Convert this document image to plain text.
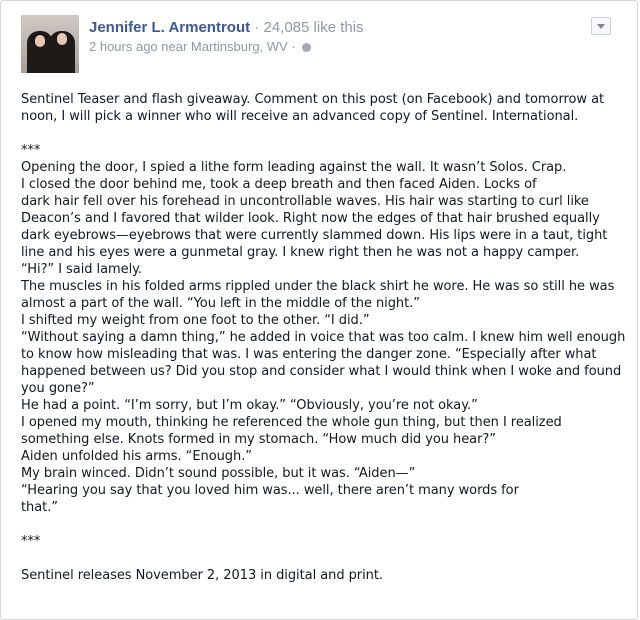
Jennifer L. Armentrout · 24,085 like this
2 hours ago near Martinsburg, WV ·

Sentinel Teaser and flash giveaway. Comment on this post (on Facebook) and tomorrow at

noon, I will pick a winner who will receive an advanced copy of Sentinel. International.

***

Opening the door, I spied a lithe form leading against the wall. It wasn’t Solos. Crap.

I closed the door behind me, took a deep breath and then faced Aiden. Locks of

dark hair fell over his forehead in uncontrollable waves. His hair was starting to curl like

Deacon’s and I favored that wilder look. Right now the edges of that hair brushed equally

dark eyebrows—eyebrows that were currently slammed down. His lips were in a taut, tight

line and his eyes were a gunmetal gray. I knew right then he was not a happy camper.

“Hi?” I said lamely.

The muscles in his folded arms rippled under the black shirt he wore. He was so still he was

almost a part of the wall. “You left in the middle of the night.”

I shifted my weight from one foot to the other. “I did.”

“Without saying a damn thing,” he added in voice that was too calm. I knew him well enough

to know how misleading that was. I was entering the danger zone. “Especially after what

happened between us? Did you stop and consider what I would think when I woke and found

you gone?”

He had a point. “I’m sorry, but I’m okay.” “Obviously, you’re not okay.”

I opened my mouth, thinking he referenced the whole gun thing, but then I realized

something else. Knots formed in my stomach. “How much did you hear?”

Aiden unfolded his arms. “Enough.”

My brain winced. Didn’t sound possible, but it was. “Aiden—”

“Hearing you say that you loved him was... well, there aren’t many words for

that.”

***

Sentinel releases November 2, 2013 in digital and print.
